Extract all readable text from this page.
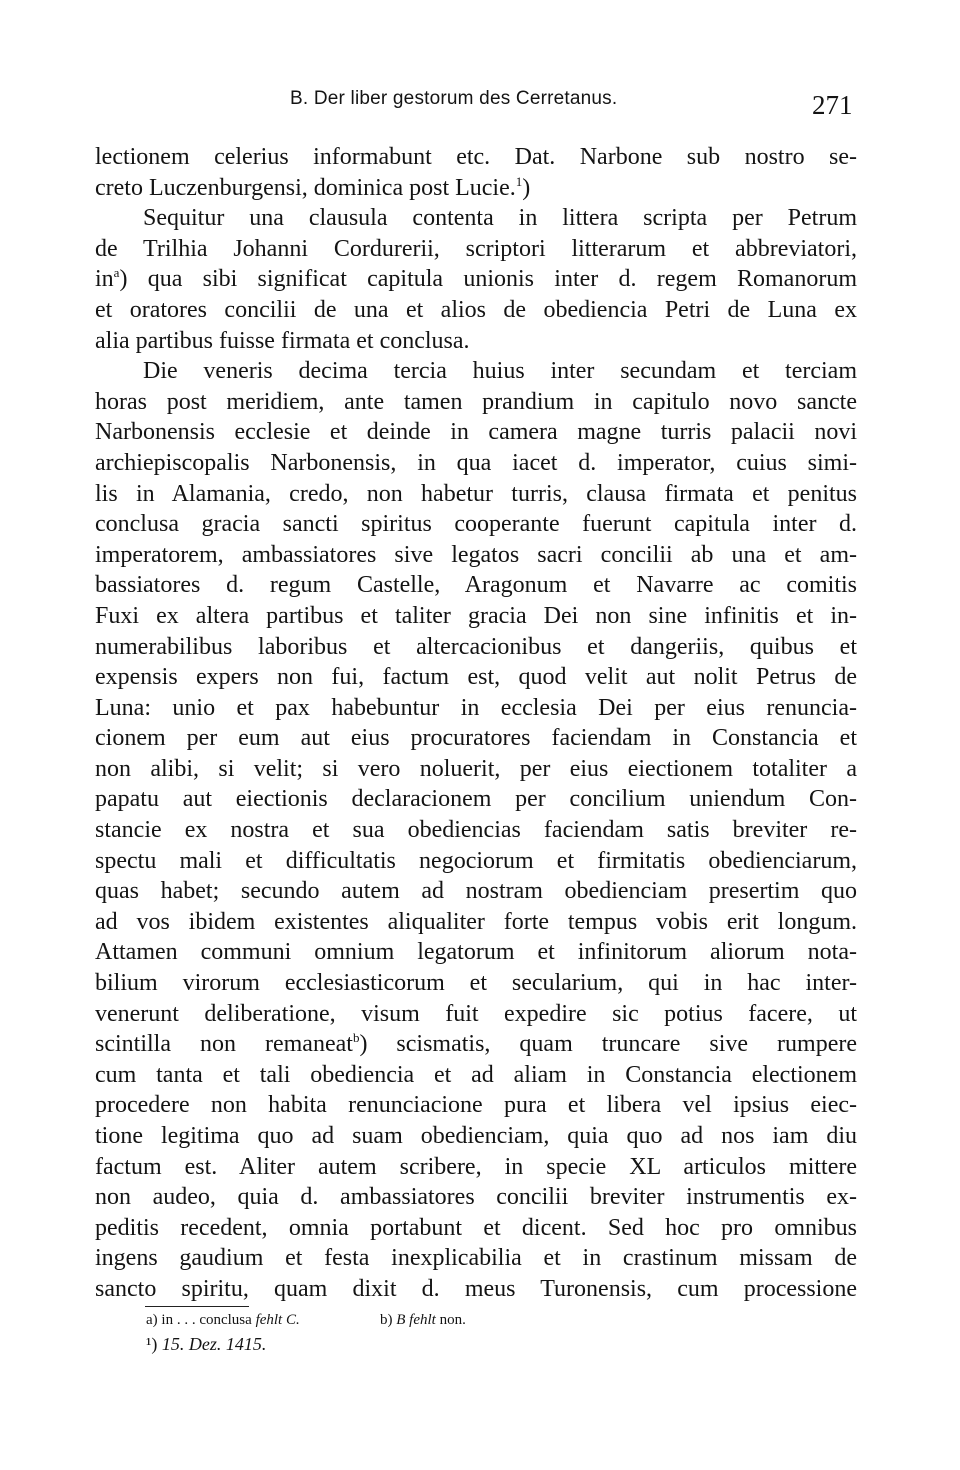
B. Der liber gestorum des Cerretanus.	271
lectionem celerius informabunt etc. Dat. Narbone sub nostro se-
creto Luczenburgensi, dominica post Lucie.$^1$)
Sequitur una clausula contenta in littera scripta per Petrum
de Trilhia Johanni Cordurerii, scriptori litterarum et abbreviatori,
$in^a$) qua sibi significat capitula unionis inter d. regem Romanorum
et oratores concilii de una et alios de obediencia Petri de Luna ex
alia partibus fuisse firmata et conclusa.
Die veneris decima tercia huius inter secundam et terciam
horas post meridiem, ante tamen prandium in capitulo novo sancte
Narbonensis ecclesie et deinde in camera magne turris palacii novi
archiepiscopalis Narbonensis, in qua iacet d. imperator, cuius simi-
lis in Alamania, credo, non habetur turris, clausa firmata et penitus
conclusa gracia sancti spiritus cooperante fuerunt capitula inter d.
imperatorem, ambassiatores sive legatos sacri concilii ab una et am-
bassiatores d. regum Castelle, Aragonum et Navarre ac comitis
Fuxi ex altera partibus et taliter gracia Dei non sine infinitis et in-
numerabilibus laboribus et altercacionibus et dangeriis, quibus et
expensis expers non fui, factum est, quod velit aut nolit Petrus de
Luna: unio et pax habebuntur in ecclesia Dei per eius renuncia-
cionem per eum aut eius procuratores faciendam in Constancia et
non alibi, si velit; si vero noluerit, per eius eiectionem totaliter a
papatu aut eiectionis declaracionem per concilium uniendum Con-
stancie ex nostra et sua obediencias faciendam satis breviter re-
spectu mali et difficultatis negociorum et firmitatis obedienciarum,
quas habet; secundo autem ad nostram obedienciam presertim quo
ad vos ibidem existentes aliqualiter forte tempus vobis erit longum.
Attamen communi omnium legatorum et infinitorum aliorum nota-
bilium virorum ecclesiasticorum et secularium, qui in hac inter-
venerunt deliberatione, visum fuit expedire sic potius facere, ut
scintilla non remaneat$^b$) scismatis, quam truncare sive rumpere
cum tanta et tali obediencia et ad aliam in Constancia electionem
procedere non habita renunciacione pura et libera vel ipsius eiec-
tione legitima quo ad suam obedienciam, quia quo ad nos iam diu
factum est. Aliter autem scribere, in specie XL articulos mittere
non audeo, quia d. ambassiatores concilii breviter instrumentis ex-
peditis recedent, omnia portabunt et dicent. Sed hoc pro omnibus
ingens gaudium et festa inexplicabilia et in crastinum missam de
sancto spiritu, quam dixit d. meus Turonensis, cum processione
a) in . . . conclusa fehlt C.	b) B fehlt non.
¹) 15. Dez. 1415.
